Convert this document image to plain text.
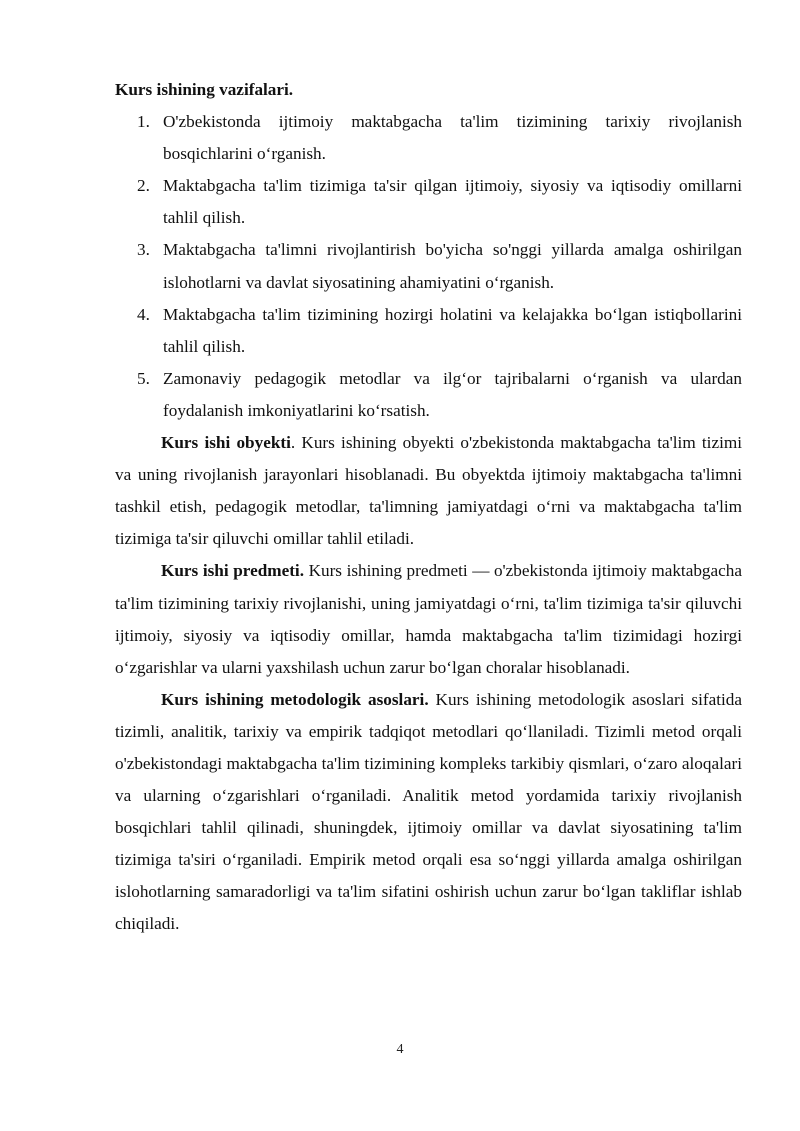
Kurs ishining vazifalari.

1. O'zbekistonda ijtimoiy maktabgacha ta'lim tizimining tarixiy rivojlanish bosqichlarini o‘rganish.
2. Maktabgacha ta'lim tizimiga ta'sir qilgan ijtimoiy, siyosiy va iqtisodiy omillarni tahlil qilish.
3. Maktabgacha ta'limni rivojlantirish bo'yicha so'nggi yillarda amalga oshirilgan islohotlarni va davlat siyosatining ahamiyatini o‘rganish.
4. Maktabgacha ta'lim tizimining hozirgi holatini va kelajakka bo‘lgan istiqbollarini tahlil qilish.
5. Zamonaviy pedagogik metodlar va ilg‘or tajribalarni o‘rganish va ulardan foydalanish imkoniyatlarini ko‘rsatish.

Kurs ishi obyekti. Kurs ishining obyekti o'zbekistonda maktabgacha ta'lim tizimi va uning rivojlanish jarayonlari hisoblanadi. Bu obyektda ijtimoiy maktabgacha ta'limni tashkil etish, pedagogik metodlar, ta'limning jamiyatdagi o‘rni va maktabgacha ta'lim tizimiga ta'sir qiluvchi omillar tahlil etiladi.

Kurs ishi predmeti. Kurs ishining predmeti — o'zbekistonda ijtimoiy maktabgacha ta'lim tizimining tarixiy rivojlanishi, uning jamiyatdagi o‘rni, ta'lim tizimiga ta'sir qiluvchi ijtimoiy, siyosiy va iqtisodiy omillar, hamda maktabgacha ta'lim tizimidagi hozirgi o‘zgarishlar va ularni yaxshilash uchun zarur bo‘lgan choralar hisoblanadi.

Kurs ishining metodologik asoslari. Kurs ishining metodologik asoslari sifatida tizimli, analitik, tarixiy va empirik tadqiqot metodlari qo‘llaniladi. Tizimli metod orqali o'zbekistondagi maktabgacha ta'lim tizimining kompleks tarkibiy qismlari, o‘zaro aloqalari va ularning o‘zgarishlari o‘rganiladi. Analitik metod yordamida tarixiy rivojlanish bosqichlari tahlil qilinadi, shuningdek, ijtimoiy omillar va davlat siyosatining ta'lim tizimiga ta'siri o‘rganiladi. Empirik metod orqali esa so‘nggi yillarda amalga oshirilgan islohotlarning samaradorligi va ta'lim sifatini oshirish uchun zarur bo‘lgan takliflar ishlab chiqiladi.

4
